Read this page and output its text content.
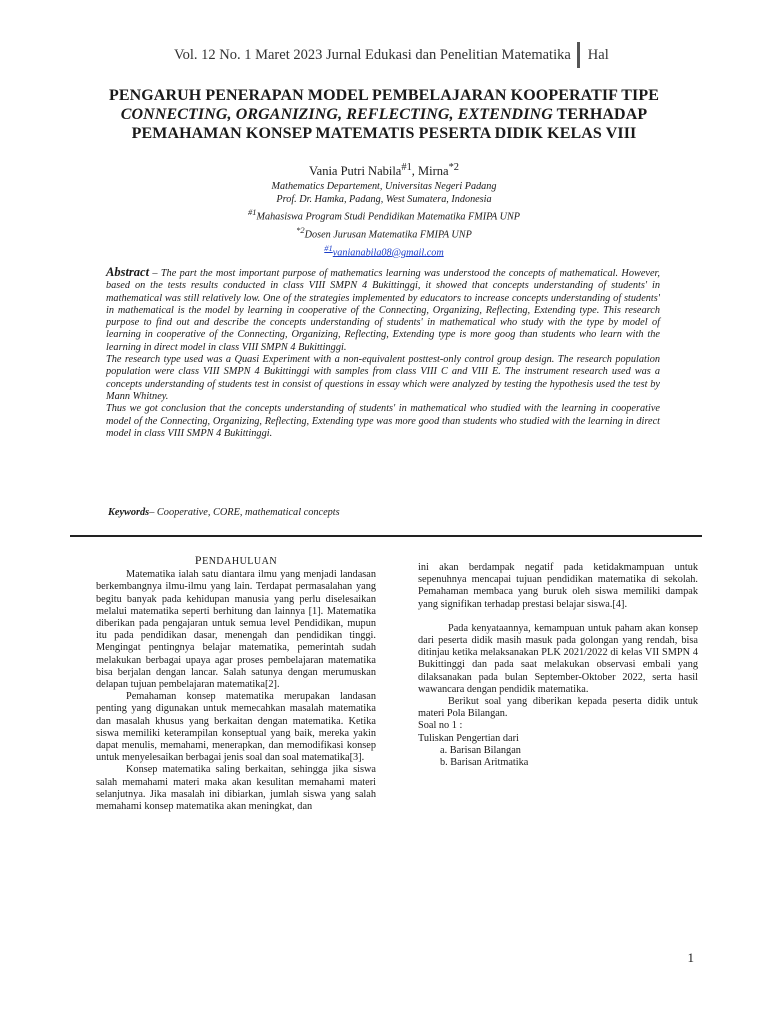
Vol. 12 No. 1 Maret 2023 Jurnal Edukasi dan Penelitian Matematika Hal
PENGARUH PENERAPAN MODEL PEMBELAJARAN KOOPERATIF TIPE
CONNECTING, ORGANIZING, REFLECTING, EXTENDING TERHADAP
PEMAHAMAN KONSEP MATEMATIS PESERTA DIDIK KELAS VIII
Vania Putri Nabila$^{\#1}$, Mirna$^{*2}$
Mathematics Departement, Universitas Negeri Padang
Prof. Dr. Hamka, Padang, West Sumatera, Indonesia
$^{\#1}$Mahasiswa Program Studi Pendidikan Matematika FMIPA UNP
$^{*2}$Dosen Jurusan Matematika FMIPA UNP
$^{\#1}$vanianabila08@gmail.com

Abstract – The part the most important purpose of mathematics learning was understood the concepts of mathematical. However, based on the tests results conducted in class VIII SMPN 4 Bukittinggi, it showed that concepts understanding of students' in mathematical was still relatively low. One of the strategies implemented by educators to increase concepts understanding of students' in mathematical is the model by learning in cooperative of the Connecting, Organizing, Reflecting, Extending type. This research purpose to find out and describe the concepts understanding of students' in mathematical who study with the type by model of learning in cooperative of the Connecting, Organizing, Reflecting, Extending type is more goog than students who learn with the learning in direct model in class VIII SMPN 4 Bukittinggi.

The research type used was a Quasi Experiment with a non-equivalent posttest-only control group design. The research population population were class VIII SMPN 4 Bukittinggi with samples from class VIII C and VIII E. The instrument research used was a concepts understanding of students test in consist of questions in essay which were analyzed by testing the hypothesis used the test by Mann Whitney.

Thus we got conclusion that the concepts understanding of students' in mathematical who studied with the learning in cooperative model of the Connecting, Organizing, Reflecting, Extending type was more good than students who studied with the learning in direct model in class VIII SMPN 4 Bukittinggi.

Keywords– Cooperative, CORE, mathematical concepts

PENDAHULUAN

Matematika ialah satu diantara ilmu yang menjadi landasan berkembangnya ilmu-ilmu yang lain. Terdapat permasalahan yang begitu banyak pada kehidupan manusia yang perlu diselesaikan melalui matematika seperti berhitung dan lainnya [1]. Matematika diberikan pada pengajaran untuk semua level Pendidikan, mupun itu pada pendidikan dasar, menengah dan pendidikan tinggi. Mengingat pentingnya belajar matematika, pemerintah sudah melakukan berbagai upaya agar proses pembelajaran matematika bisa berjalan dengan lancar. Salah satunya dengan merumuskan delapan tujuan pembelajaran matematika[2].

Pemahaman konsep matematika merupakan landasan penting yang digunakan untuk memecahkan masalah matematika dan masalah khusus yang berkaitan dengan matematika. Ketika siswa memiliki keterampilan konseptual yang baik, mereka yakin dapat menulis, memahami, menerapkan, dan memodifikasi konsep untuk menyelesaikan berbagai jenis soal dan soal matematika[3].

Konsep matematika saling berkaitan, sehingga jika siswa salah memahami materi maka akan kesulitan memahami materi selanjutnya. Jika masalah ini dibiarkan, jumlah siswa yang salah memahami konsep matematika akan meningkat, dan

ini akan berdampak negatif pada ketidakmampuan untuk sepenuhnya mencapai tujuan pendidikan matematika di sekolah. Pemahaman membaca yang buruk oleh siswa memiliki dampak yang signifikan terhadap prestasi belajar siswa.[4].

Pada kenyataannya, kemampuan untuk paham akan konsep dari peserta didik masih masuk pada golongan yang rendah, bisa ditinjau ketika melaksanakan PLK 2021/2022 di kelas VII SMPN 4 Bukittinggi dan pada saat melakukan observasi embali yang dilaksanakan pada bulan September-Oktober 2022, serta hasil wawancara dengan pendidik matematika.

Berikut soal yang diberikan kepada peserta didik untuk materi Pola Bilangan.

Soal no 1 :

Tuliskan Pengertian dari

a. Barisan Bilangan

b. Barisan Aritmatika

1
